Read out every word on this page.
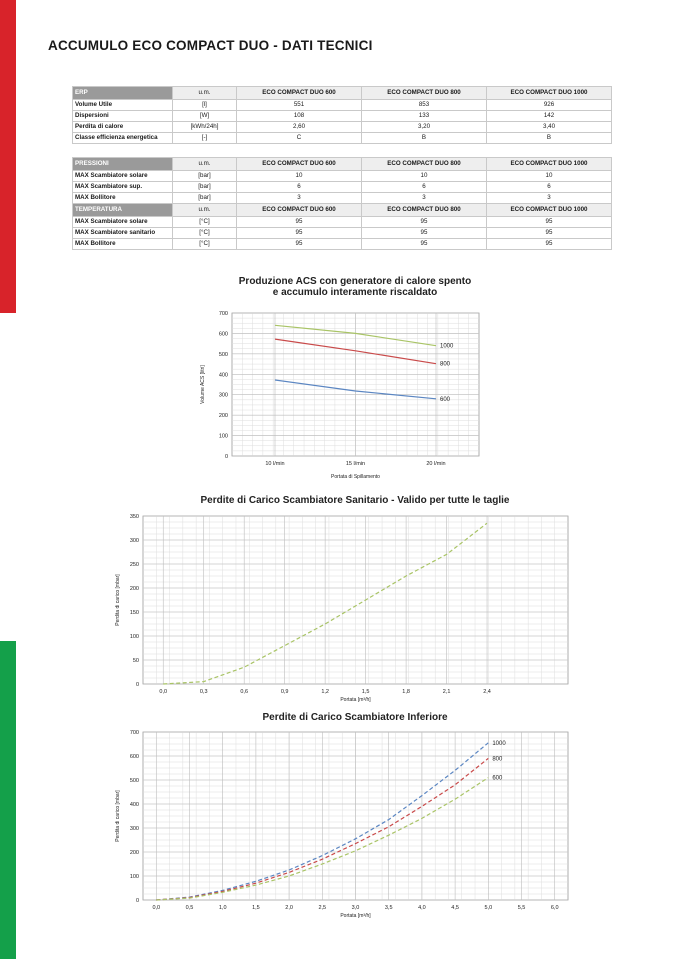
ACCUMULO ECO COMPACT DUO - DATI TECNICI
ERP	u.m.	ECO COMPACT DUO 600	ECO COMPACT DUO 800	ECO COMPACT DUO 1000
Volume Utile	[l]	551	853	926
Dispersioni	[W]	108	133	142
Perdita di calore	[kWh/24h]	2,60	3,20	3,40
Classe efficienza energetica	[-]	C	B	B
PRESSIONI	u.m.	ECO COMPACT DUO 600	ECO COMPACT DUO 800	ECO COMPACT DUO 1000
MAX Scambiatore solare	[bar]	10	10	10
MAX Scambiatore sup.	[bar]	6	6	6
MAX Bollitore	[bar]	3	3	3
TEMPERATURA	u.m.	ECO COMPACT DUO 600	ECO COMPACT DUO 800	ECO COMPACT DUO 1000
MAX Scambiatore solare	[°C]	95	95	95
MAX Scambiatore sanitario	[°C]	95	95	95
MAX Bollitore	[°C]	95	95	95
Produzione ACS con generatore di calore spento
e accumulo interamente riscaldato
Perdite di Carico Scambiatore Sanitario - Valido per tutte le taglie
Perdite di Carico Scambiatore Inferiore
0
100
200
300
400
500
600
700
10 l/min	15 l/min	20 l/min
Portata di Spillamento
Volume ACS [litri]
1000
800
600
0
50
100
150
200
250
300
350
0,0	0,3	0,6	0,9	1,2	1,5	1,8	2,1	2,4
Portata [m³/h]
Perdita di carico [mbar]
0
100
200
300
400
500
600
700
0,0	0,5	1,0	1,5	2,0	2,5	3,0	3,5	4,0	4,5	5,0	5,5	6,0
Portata [m³/h]
Perdita di carico [mbar]
1000
800
600
